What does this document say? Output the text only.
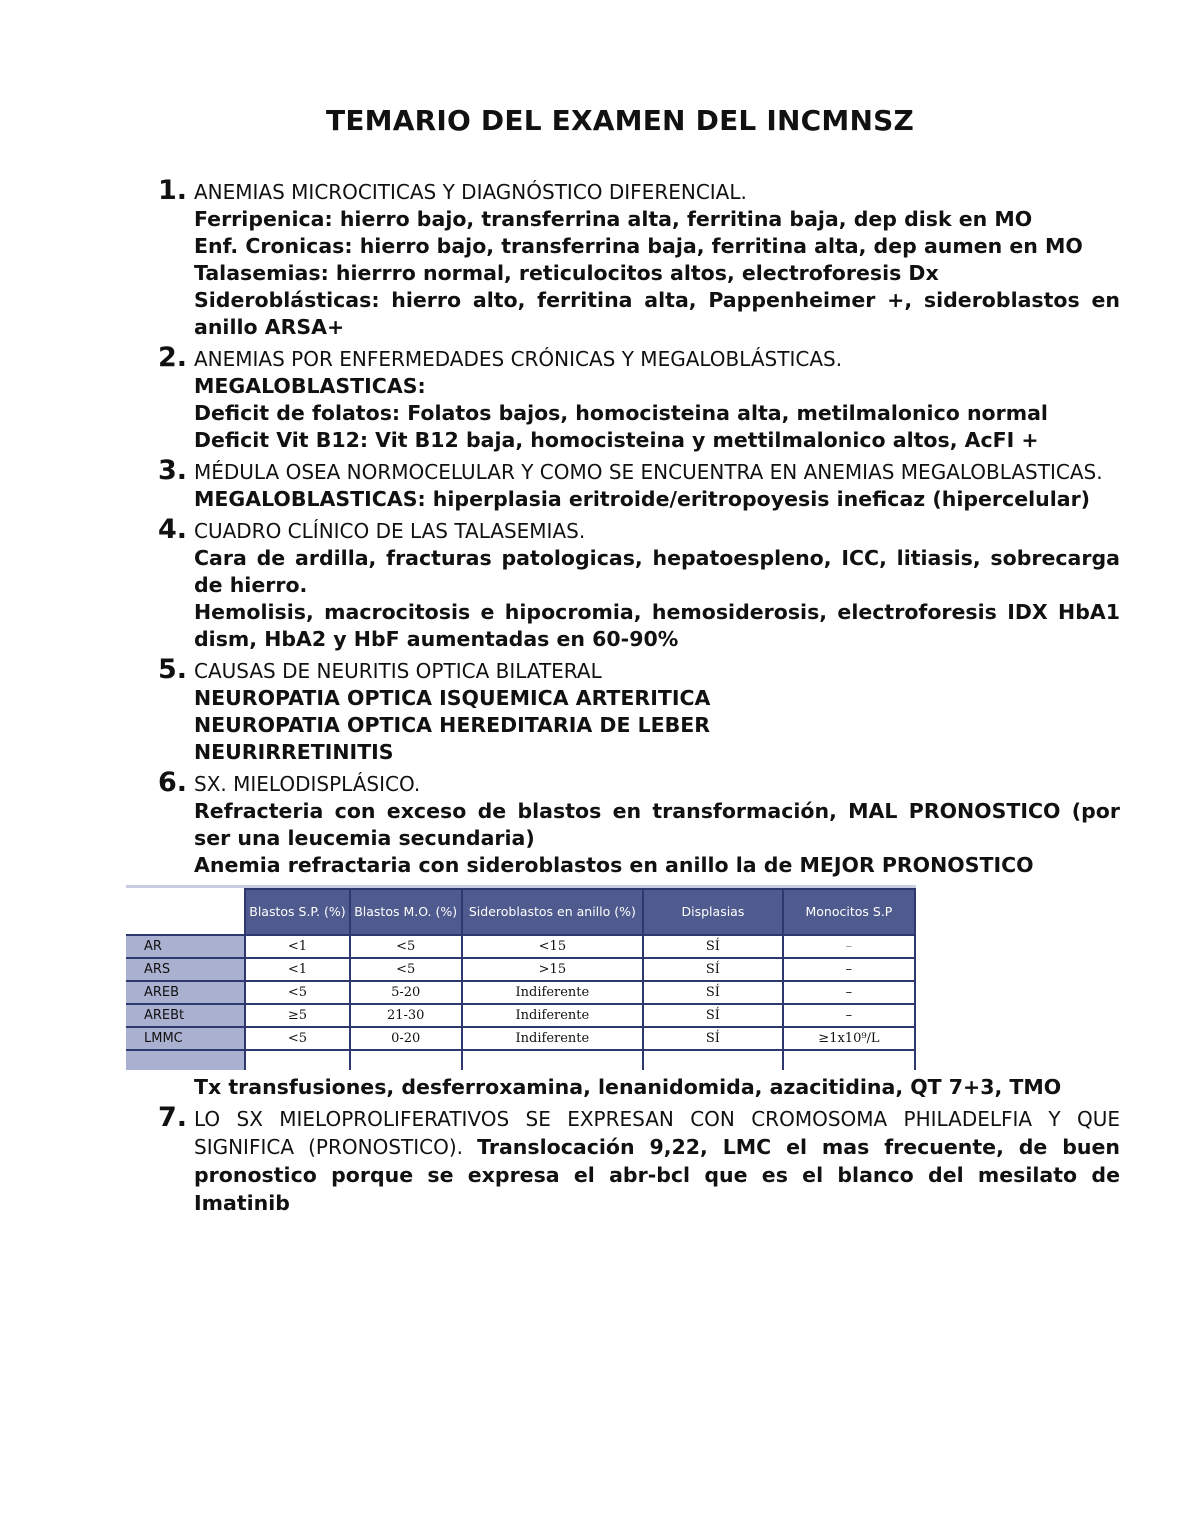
TEMARIO DEL EXAMEN DEL INCMNSZ
1. ANEMIAS MICROCITICAS Y DIAGNÓSTICO DIFERENCIAL.
Ferripenica: hierro bajo, transferrina alta, ferritina baja, dep disk en MO
Enf. Cronicas: hierro bajo, transferrina baja, ferritina alta, dep aumen en MO
Talasemias: hierrro normal, reticulocitos altos, electroforesis Dx
Sideroblásticas: hierro alto, ferritina alta, Pappenheimer +, sideroblastos en anillo ARSA+
2. ANEMIAS POR ENFERMEDADES CRÓNICAS Y MEGALOBLÁSTICAS.
MEGALOBLASTICAS:
Deficit de folatos: Folatos bajos, homocisteina alta, metilmalonico normal
Deficit Vit B12: Vit B12 baja, homocisteina y mettilmalonico altos, AcFI +
3. MÉDULA OSEA NORMOCELULAR Y COMO SE ENCUENTRA EN ANEMIAS MEGALOBLASTICAS.
MEGALOBLASTICAS: hiperplasia eritroide/eritropoyesis ineficaz (hipercelular)
4. CUADRO CLÍNICO DE LAS TALASEMIAS.
Cara de ardilla, fracturas patologicas, hepatoespleno, ICC, litiasis, sobrecarga de hierro.
Hemolisis, macrocitosis e hipocromia, hemosiderosis, electroforesis IDX HbA1 dism, HbA2 y HbF aumentadas en 60-90%
5. CAUSAS DE NEURITIS OPTICA BILATERAL
NEUROPATIA OPTICA ISQUEMICA ARTERITICA
NEUROPATIA OPTICA HEREDITARIA DE LEBER
NEURIRRETINITIS
6. SX. MIELODISPLÁSICO.
Refracteria con exceso de blastos en transformación, MAL PRONOSTICO (por ser una leucemia secundaria)
Anemia refractaria con sideroblastos en anillo la de MEJOR PRONOSTICO
	Blastos S.P. (%)	Blastos M.O. (%)	Sideroblastos en anillo (%)	Displasias	Monocitos S.P
AR	<1	<5	<15	SÍ	–
ARS	<1	<5	>15	SÍ	–
AREB	<5	5-20	Indiferente	SÍ	–
AREBt	≥5	21-30	Indiferente	SÍ	–
LMMC	<5	0-20	Indiferente	SÍ	≥1x10⁹/L

Tx transfusiones, desferroxamina, lenanidomida, azacitidina, QT 7+3, TMO
7. LO SX MIELOPROLIFERATIVOS SE EXPRESAN CON CROMOSOMA PHILADELFIA Y QUE SIGNIFICA (PRONOSTICO). Translocación 9,22, LMC el mas frecuente, de buen pronostico porque se expresa el abr-bcl que es el blanco del mesilato de Imatinib
